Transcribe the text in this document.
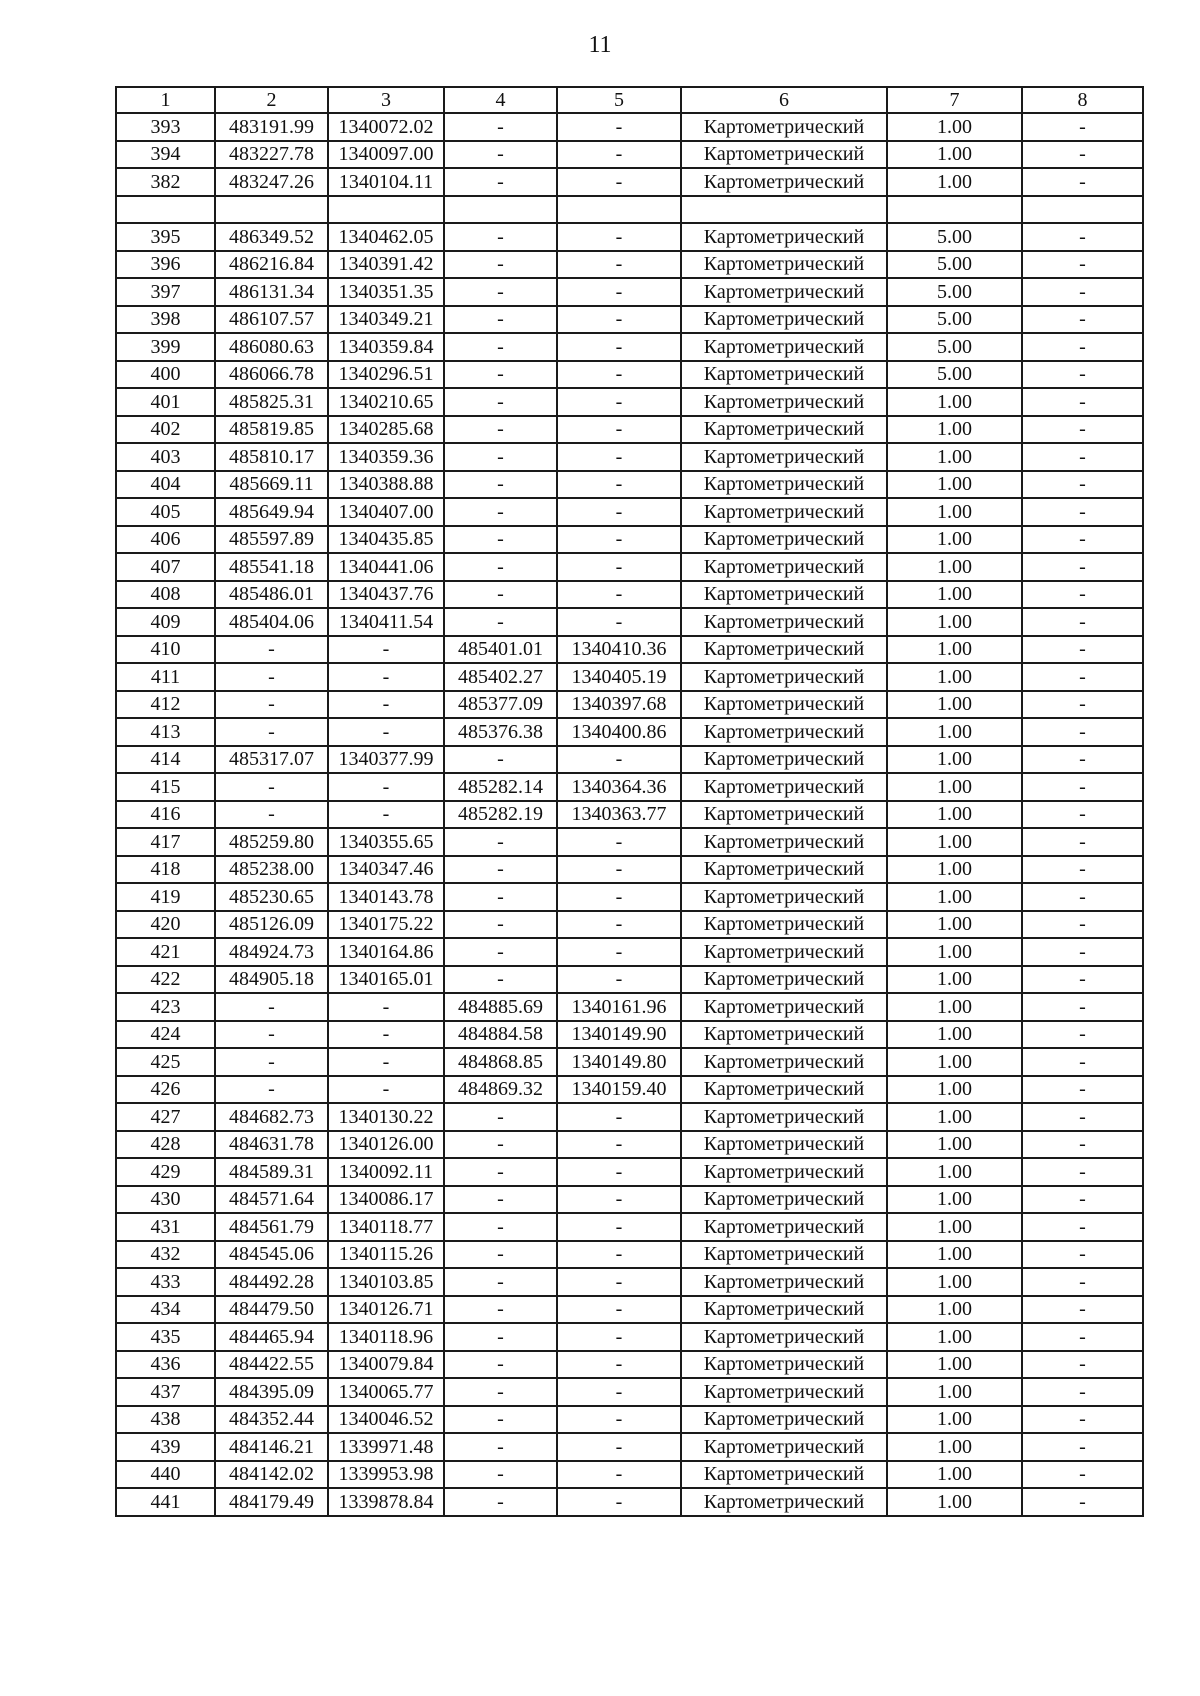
11
1	2	3	4	5	6	7	8
393	483191.99	1340072.02	-	-	Картометрический	1.00	-
394	483227.78	1340097.00	-	-	Картометрический	1.00	-
382	483247.26	1340104.11	-	-	Картометрический	1.00	-

395	486349.52	1340462.05	-	-	Картометрический	5.00	-
396	486216.84	1340391.42	-	-	Картометрический	5.00	-
397	486131.34	1340351.35	-	-	Картометрический	5.00	-
398	486107.57	1340349.21	-	-	Картометрический	5.00	-
399	486080.63	1340359.84	-	-	Картометрический	5.00	-
400	486066.78	1340296.51	-	-	Картометрический	5.00	-
401	485825.31	1340210.65	-	-	Картометрический	1.00	-
402	485819.85	1340285.68	-	-	Картометрический	1.00	-
403	485810.17	1340359.36	-	-	Картометрический	1.00	-
404	485669.11	1340388.88	-	-	Картометрический	1.00	-
405	485649.94	1340407.00	-	-	Картометрический	1.00	-
406	485597.89	1340435.85	-	-	Картометрический	1.00	-
407	485541.18	1340441.06	-	-	Картометрический	1.00	-
408	485486.01	1340437.76	-	-	Картометрический	1.00	-
409	485404.06	1340411.54	-	-	Картометрический	1.00	-
410	-	-	485401.01	1340410.36	Картометрический	1.00	-
411	-	-	485402.27	1340405.19	Картометрический	1.00	-
412	-	-	485377.09	1340397.68	Картометрический	1.00	-
413	-	-	485376.38	1340400.86	Картометрический	1.00	-
414	485317.07	1340377.99	-	-	Картометрический	1.00	-
415	-	-	485282.14	1340364.36	Картометрический	1.00	-
416	-	-	485282.19	1340363.77	Картометрический	1.00	-
417	485259.80	1340355.65	-	-	Картометрический	1.00	-
418	485238.00	1340347.46	-	-	Картометрический	1.00	-
419	485230.65	1340143.78	-	-	Картометрический	1.00	-
420	485126.09	1340175.22	-	-	Картометрический	1.00	-
421	484924.73	1340164.86	-	-	Картометрический	1.00	-
422	484905.18	1340165.01	-	-	Картометрический	1.00	-
423	-	-	484885.69	1340161.96	Картометрический	1.00	-
424	-	-	484884.58	1340149.90	Картометрический	1.00	-
425	-	-	484868.85	1340149.80	Картометрический	1.00	-
426	-	-	484869.32	1340159.40	Картометрический	1.00	-
427	484682.73	1340130.22	-	-	Картометрический	1.00	-
428	484631.78	1340126.00	-	-	Картометрический	1.00	-
429	484589.31	1340092.11	-	-	Картометрический	1.00	-
430	484571.64	1340086.17	-	-	Картометрический	1.00	-
431	484561.79	1340118.77	-	-	Картометрический	1.00	-
432	484545.06	1340115.26	-	-	Картометрический	1.00	-
433	484492.28	1340103.85	-	-	Картометрический	1.00	-
434	484479.50	1340126.71	-	-	Картометрический	1.00	-
435	484465.94	1340118.96	-	-	Картометрический	1.00	-
436	484422.55	1340079.84	-	-	Картометрический	1.00	-
437	484395.09	1340065.77	-	-	Картометрический	1.00	-
438	484352.44	1340046.52	-	-	Картометрический	1.00	-
439	484146.21	1339971.48	-	-	Картометрический	1.00	-
440	484142.02	1339953.98	-	-	Картометрический	1.00	-
441	484179.49	1339878.84	-	-	Картометрический	1.00	-
